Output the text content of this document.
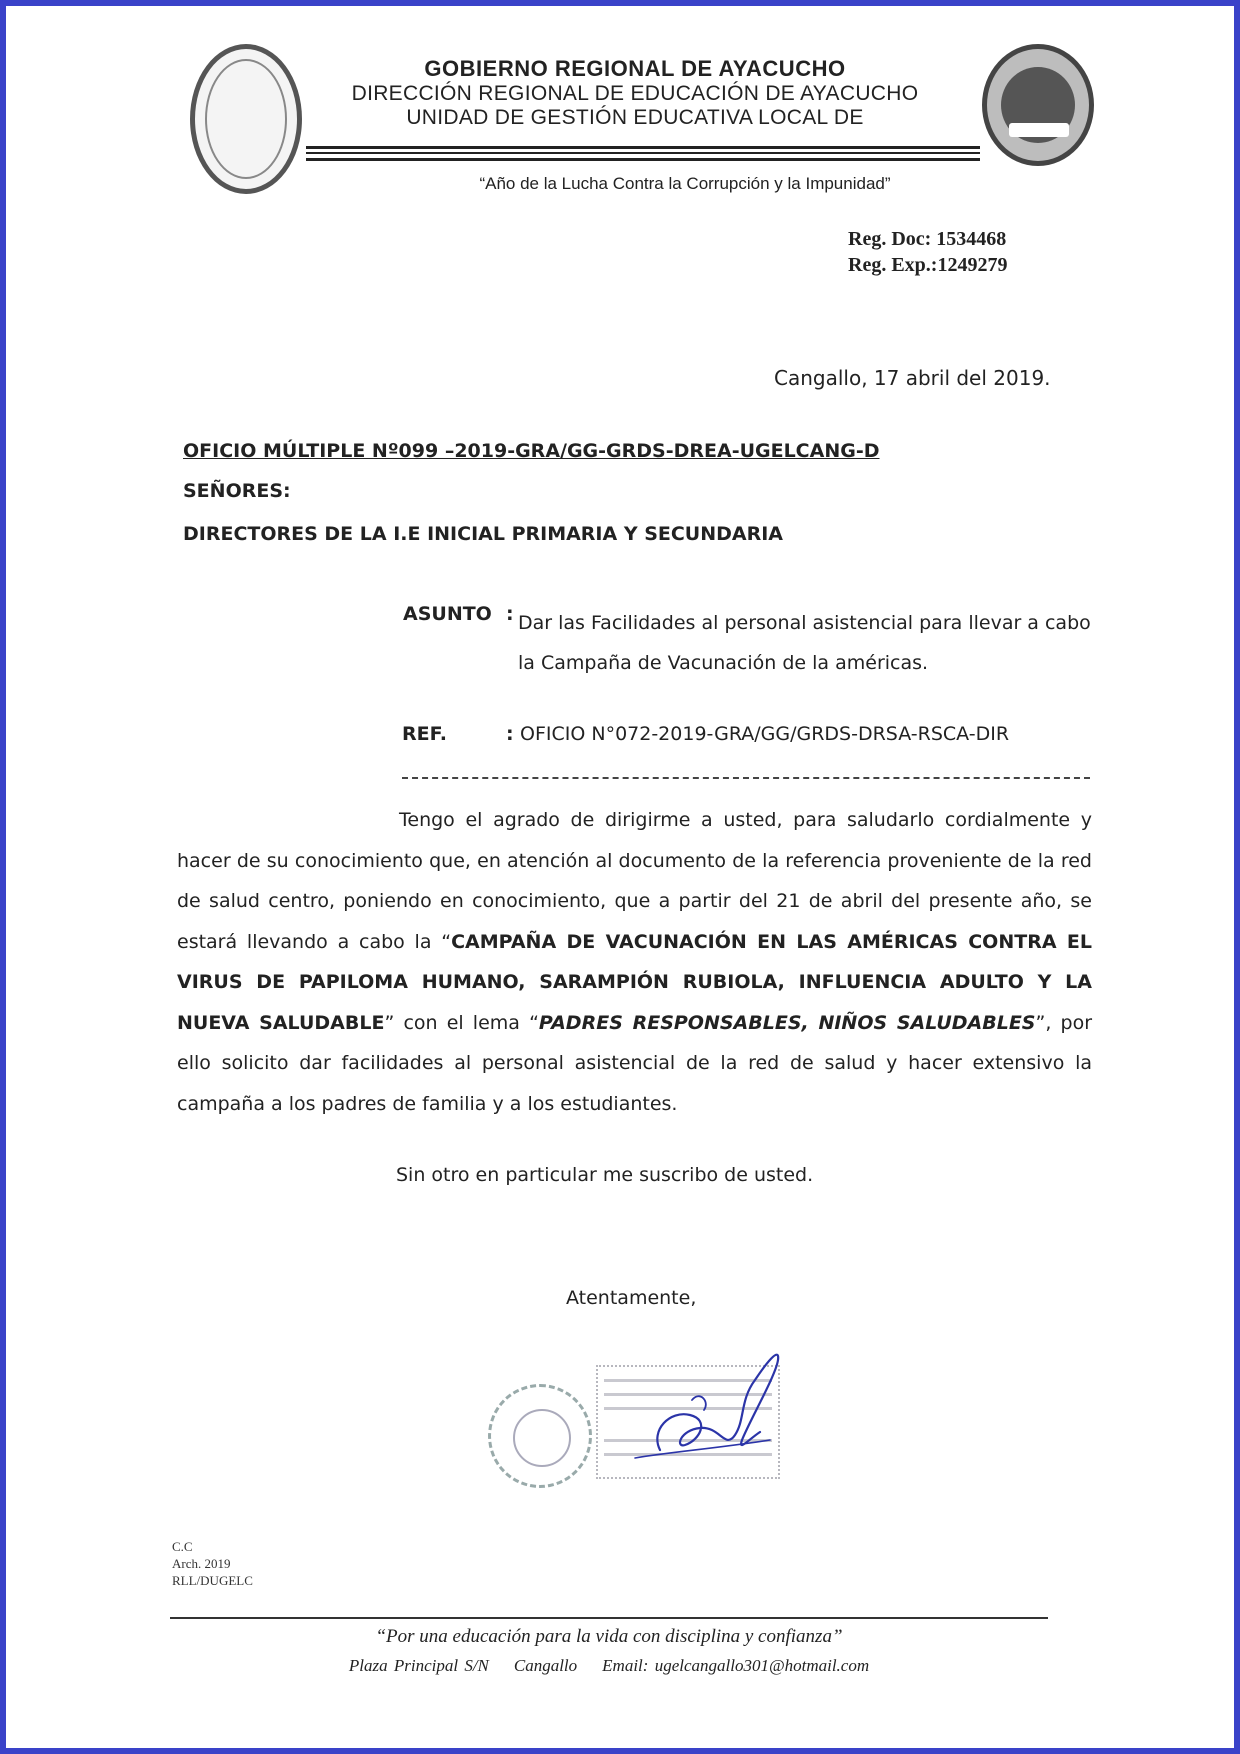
GOBIERNO REGIONAL DE AYACUCHO
DIRECCIÓN REGIONAL DE EDUCACIÓN DE AYACUCHO
UNIDAD DE GESTIÓN EDUCATIVA LOCAL DE
“Año de la Lucha Contra la Corrupción y la Impunidad”
Reg. Doc: 1534468
Reg. Exp.:1249279
Cangallo, 17 abril del 2019.
OFICIO MÚLTIPLE Nº099 –2019-GRA/GG-GRDS-DREA-UGELCANG-D
SEÑORES:
DIRECTORES DE LA I.E INICIAL PRIMARIA Y SECUNDARIA
ASUNTO : Dar las Facilidades al personal asistencial para llevar a cabo la Campaña de Vacunación de la américas.
REF.	: OFICIO N°072-2019-GRA/GG/GRDS-DRSA-RSCA-DIR
Tengo el agrado de dirigirme a usted, para saludarlo cordialmente y hacer de su conocimiento que, en atención al documento de la referencia proveniente de la red de salud centro, poniendo en conocimiento, que a partir del 21 de abril del presente año, se estará llevando a cabo la “CAMPAÑA DE VACUNACIÓN EN LAS AMÉRICAS CONTRA EL VIRUS DE PAPILOMA HUMANO, SARAMPIÓN RUBIOLA, INFLUENCIA ADULTO Y LA NUEVA SALUDABLE” con el lema “PADRES RESPONSABLES, NIÑOS SALUDABLES”, por ello solicito dar facilidades al personal asistencial de la red de salud y hacer extensivo la campaña a los padres de familia y a los estudiantes.
Sin otro en particular me suscribo de usted.
Atentamente,
C.C
Arch. 2019
RLL/DUGELC
“Por una educación para la vida con disciplina y confianza”
Plaza Principal S/N Cangallo Email: ugelcangallo301@hotmail.com
